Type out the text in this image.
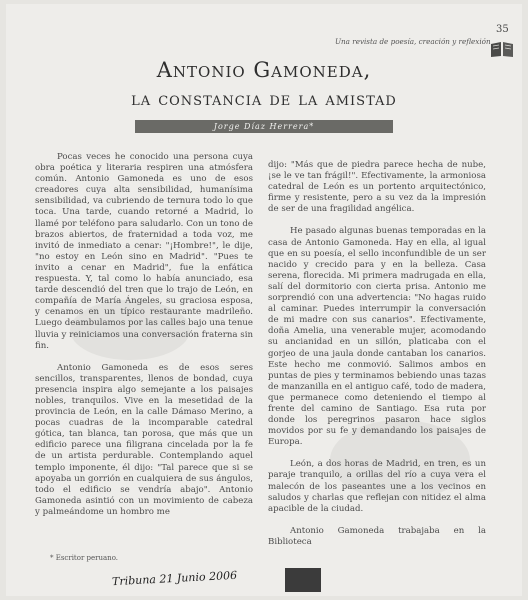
Una revista de poesía, creación y reflexión
35
Antonio Gamoneda,
la constancia de la amistad
Jorge Díaz Herrera*

Pocas veces he conocido una persona cuya obra poética y literaria respiren una atmósfera común. Antonio Gamoneda es uno de esos creadores cuya alta sensibilidad, humanísima sensibilidad, va cubriendo de ternura todo lo que toca. Una tarde, cuando retorné a Madrid, lo llamé por teléfono para saludarlo. Con un tono de brazos abiertos, de fraternidad a toda voz, me invitó de inmediato a cenar: "¡Hombre!", le dije, "no estoy en León sino en Madrid". "Pues te invito a cenar en Madrid", fue la enfática respuesta. Y, tal como lo había anunciado, esa tarde descendió del tren que lo trajo de León, en compañía de María Ángeles, su graciosa esposa, y cenamos en un típico restaurante madrileño. Luego deambulamos por las calles bajo una tenue lluvia y reiniciamos una conversación fraterna sin fin.

Antonio Gamoneda es de esos seres sencillos, transparentes, llenos de bondad, cuya presencia inspira algo semejante a los paisajes nobles, tranquilos. Vive en la mesetidad de la provincia de León, en la calle Dámaso Merino, a pocas cuadras de la incomparable catedral gótica, tan blanca, tan porosa, que más que un edificio parece una filigrana cincelada por la fe de un artista perdurable. Contemplando aquel templo imponente, él dijo: "Tal parece que si se apoyaba un gorrión en cualquiera de sus ángulos, todo el edificio se vendría abajo". Antonio Gamoneda asintió con un movimiento de cabeza y palmeándome un hombro me

dijo: "Más que de piedra parece hecha de nube, ¡se le ve tan frágil!". Efectivamente, la armoniosa catedral de León es un portento arquitectónico, firme y resistente, pero a su vez da la impresión de ser de una fragilidad angélica.

He pasado algunas buenas temporadas en la casa de Antonio Gamoneda. Hay en ella, al igual que en su poesía, el sello inconfundible de un ser nacido y crecido para y en la belleza. Casa serena, florecida. Mi primera madrugada en ella, salí del dormitorio con cierta prisa. Antonio me sorprendió con una advertencia: "No hagas ruido al caminar. Puedes interrumpir la conversación de mi madre con sus canarios". Efectivamente, doña Amelia, una venerable mujer, acomodando su ancianidad en un sillón, platicaba con el gorjeo de una jaula donde cantaban los canarios. Este hecho me conmovió. Salimos ambos en puntas de pies y terminamos bebiendo unas tazas de manzanilla en el antiguo café, todo de madera, que permanece como deteniendo el tiempo al frente del camino de Santiago. Esa ruta por donde los peregrinos pasaron hace siglos movidos por su fe y demandando los paisajes de Europa.

León, a dos horas de Madrid, en tren, es un paraje tranquilo, a orillas del río a cuya vera el malecón de los paseantes une a los vecinos en saludos y charlas que reflejan con nitidez el alma apacible de la ciudad.

Antonio Gamoneda trabajaba en la Biblioteca

* Escritor peruano.
Tribuna 21 Junio 2006
